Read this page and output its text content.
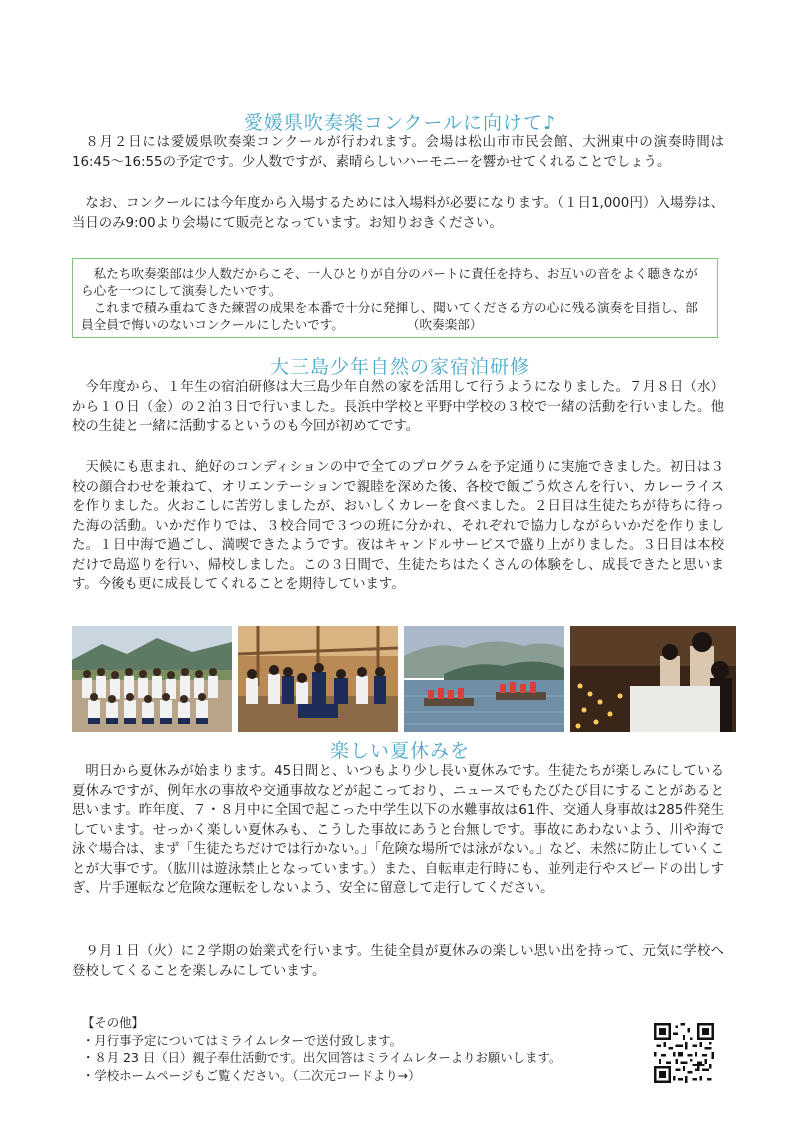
愛媛県吹奏楽コンクールに向けて♪

８月２日には愛媛県吹奏楽コンクールが行われます。会場は松山市市民会館、大洲東中の演奏時間は16:45〜16:55の予定です。少人数ですが、素晴らしいハーモニーを響かせてくれることでしょう。

なお、コンクールには今年度から入場するためには入場料が必要になります。（１日1,000円）入場券は、当日のみ9:00より会場にて販売となっています。お知りおきください。

私たち吹奏楽部は少人数だからこそ、一人ひとりが自分のパートに責任を持ち、お互いの音をよく聴きながら心を一つにして演奏したいです。

これまで積み重ねてきた練習の成果を本番で十分に発揮し、聞いてくださる方の心に残る演奏を目指し、部員全員で悔いのないコンクールにしたいです。　　　　　　（吹奏楽部）

大三島少年自然の家宿泊研修

今年度から、１年生の宿泊研修は大三島少年自然の家を活用して行うようになりました。７月８日（水）から１０日（金）の２泊３日で行いました。長浜中学校と平野中学校の３校で一緒の活動を行いました。他校の生徒と一緒に活動するというのも今回が初めてです。

天候にも恵まれ、絶好のコンディションの中で全てのプログラムを予定通りに実施できました。初日は３校の顔合わせを兼ねて、オリエンテーションで親睦を深めた後、各校で飯ごう炊さんを行い、カレーライスを作りました。火おこしに苦労しましたが、おいしくカレーを食べました。２日目は生徒たちが待ちに待った海の活動。いかだ作りでは、３校合同で３つの班に分かれ、それぞれで協力しながらいかだを作りました。１日中海で過ごし、満喫できたようです。夜はキャンドルサービスで盛り上がりました。３日目は本校だけで島巡りを行い、帰校しました。この３日間で、生徒たちはたくさんの体験をし、成長できたと思います。今後も更に成長してくれることを期待しています。

楽しい夏休みを

明日から夏休みが始まります。45日間と、いつもより少し長い夏休みです。生徒たちが楽しみにしている夏休みですが、例年水の事故や交通事故などが起こっており、ニュースでもたびたび目にすることがあると思います。昨年度、７・８月中に全国で起こった中学生以下の水難事故は61件、交通人身事故は285件発生しています。せっかく楽しい夏休みも、こうした事故にあうと台無しです。事故にあわないよう、川や海で泳ぐ場合は、まず「生徒たちだけでは行かない。」「危険な場所では泳がない。」など、未然に防止していくことが大事です。（肱川は遊泳禁止となっています。）また、自転車走行時にも、並列走行やスピードの出しすぎ、片手運転など危険な運転をしないよう、安全に留意して走行してください。

９月１日（火）に２学期の始業式を行います。生徒全員が夏休みの楽しい思い出を持って、元気に学校へ登校してくることを楽しみにしています。

【その他】
・月行事予定についてはミライムレターで送付致します。
・８月 23 日（日）親子奉仕活動です。出欠回答はミライムレターよりお願いします。
・学校ホームページもご覧ください。（二次元コードより→）
